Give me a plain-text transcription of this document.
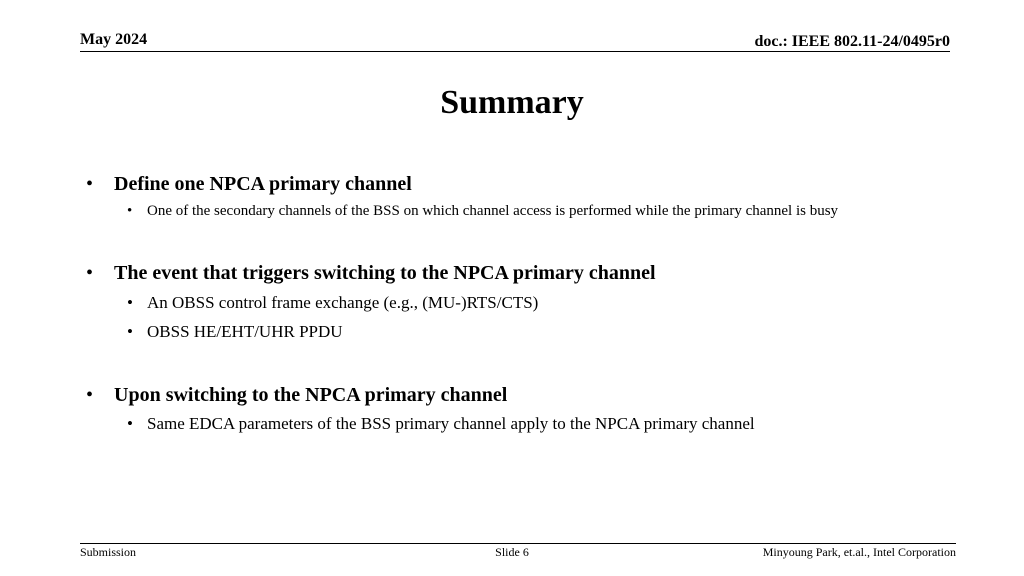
May 2024	doc.: IEEE 802.11-24/0495r0
Summary
• Define one NPCA primary channel
• One of the secondary channels of the BSS on which channel access is performed while the primary channel is busy
• The event that triggers switching to the NPCA primary channel
• An OBSS control frame exchange (e.g., (MU-)RTS/CTS)
• OBSS HE/EHT/UHR PPDU
• Upon switching to the NPCA primary channel
• Same EDCA parameters of the BSS primary channel apply to the NPCA primary channel
Submission	Slide 6	Minyoung Park, et.al., Intel Corporation
